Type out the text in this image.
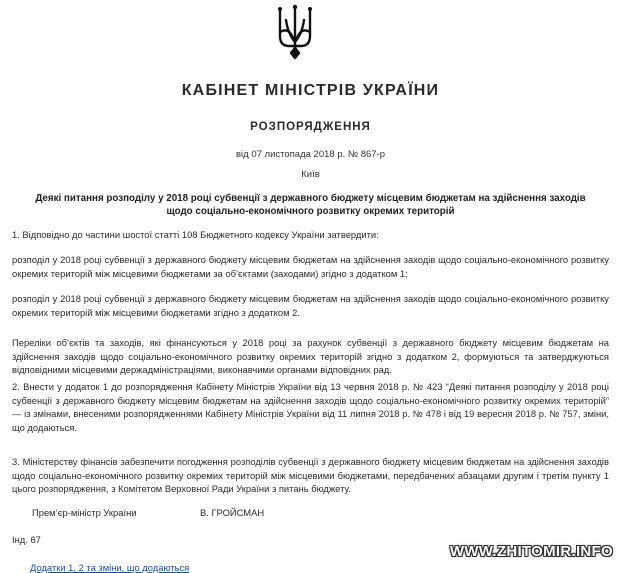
КАБІНЕТ МІНІСТРІВ УКРАЇНИ
РОЗПОРЯДЖЕННЯ
від 07 листопада 2018 р. № 867-р
Київ
Деякі питання розподілу у 2018 році субвенції з державного бюджету місцевим бюджетам на здійснення заходів щодо соціально-економічного розвитку окремих територій
1. Відповідно до частини шостої статті 108 Бюджетного кодексу України затвердити:
розподіл у 2018 році субвенції з державного бюджету місцевим бюджетам на здійснення заходів щодо соціально-економічного розвитку окремих територій між місцевими бюджетами за об’єктами (заходами) згідно з додатком 1;
розподіл у 2018 році субвенції з державного бюджету місцевим бюджетам на здійснення заходів щодо соціально-економічного розвитку окремих територій між місцевими бюджетами згідно з додатком 2.
Переліки об’єктів та заходів, які фінансуються у 2018 році за рахунок субвенції з державного бюджету місцевим бюджетам на здійснення заходів щодо соціально-економічного розвитку окремих територій згідно з додатком 2, формуються та затверджуються відповідними місцевими держадміністраціями, виконавчими органами відповідних рад.
2. Внести у додаток 1 до розпорядження Кабінету Міністрів України від 13 червня 2018 р. № 423 “Деякі питання розподілу у 2018 році субвенції з державного бюджету місцевим бюджетам на здійснення заходів щодо соціально-економічного розвитку окремих територій” — із змінами, внесеними розпорядженнями Кабінету Міністрів України від 11 липня 2018 р. № 478 і від 19 вересня 2018 р. № 757, зміни, що додаються.
3. Міністерству фінансів забезпечити погодження розподілів субвенції з державного бюджету місцевим бюджетам на здійснення заходів щодо соціально-економічного розвитку окремих територій між місцевими бюджетами, передбачених абзацами другим і третім пункту 1 цього розпорядження, з Комітетом Верховної Ради України з питань бюджету.
Прем’єр-міністр України	В. ГРОЙСМАН
Інд. 67
Додатки 1, 2 та зміни, що додаються
WWW.ZHITOMIR.INFO
